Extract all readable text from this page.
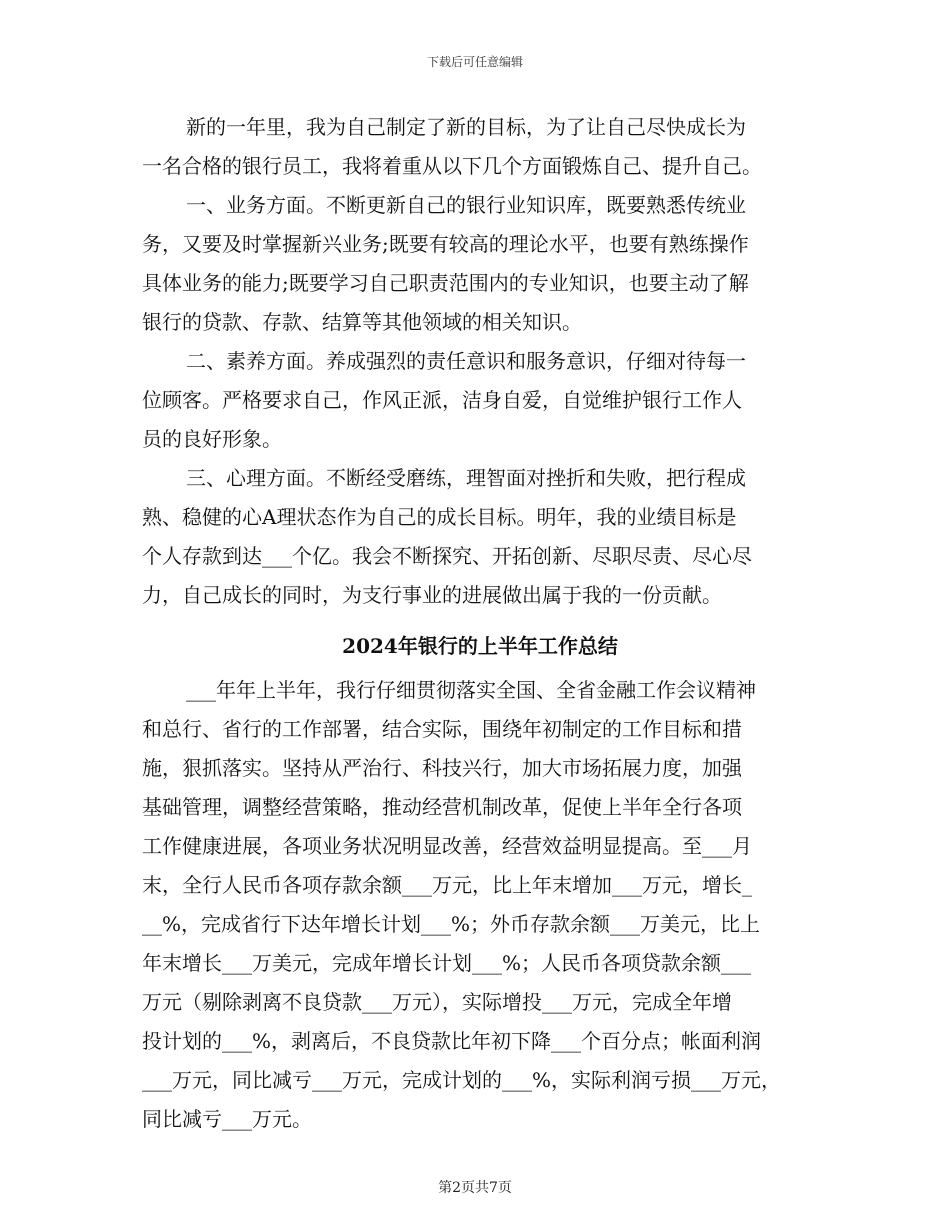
下载后可任意编辑
新的一年里，我为自己制定了新的目标，为了让自己尽快成长为
一名合格的银行员工，我将着重从以下几个方面锻炼自己、提升自己。
一、业务方面。不断更新自己的银行业知识库，既要熟悉传统业
务，又要及时掌握新兴业务;既要有较高的理论水平，也要有熟练操作
具体业务的能力;既要学习自己职责范围内的专业知识，也要主动了解
银行的贷款、存款、结算等其他领域的相关知识。
二、素养方面。养成强烈的责任意识和服务意识，仔细对待每一
位顾客。严格要求自己，作风正派，洁身自爱，自觉维护银行工作人
员的良好形象。
三、心理方面。不断经受磨练，理智面对挫折和失败，把行程成
熟、稳健的心A理状态作为自己的成长目标。明年，我的业绩目标是
个人存款到达___个亿。我会不断探究、开拓创新、尽职尽责、尽心尽
力，自己成长的同时，为支行事业的进展做出属于我的一份贡献。
2024年银行的上半年工作总结
___年年上半年，我行仔细贯彻落实全国、全省金融工作会议精神
和总行、省行的工作部署，结合实际，围绕年初制定的工作目标和措
施，狠抓落实。坚持从严治行、科技兴行，加大市场拓展力度，加强
基础管理，调整经营策略，推动经营机制改革，促使上半年全行各项
工作健康进展，各项业务状况明显改善，经营效益明显提高。至___月
末，全行人民币各项存款余额___万元，比上年末增加___万元，增长_
__%，完成省行下达年增长计划___%；外币存款余额___万美元，比上
年末增长___万美元，完成年增长计划___%；人民币各项贷款余额___
万元（剔除剥离不良贷款___万元），实际增投___万元，完成全年增
投计划的___%，剥离后，不良贷款比年初下降___个百分点；帐面利润
___万元，同比减亏___万元，完成计划的___%，实际利润亏损___万元，
同比减亏___万元。
第2页共7页
